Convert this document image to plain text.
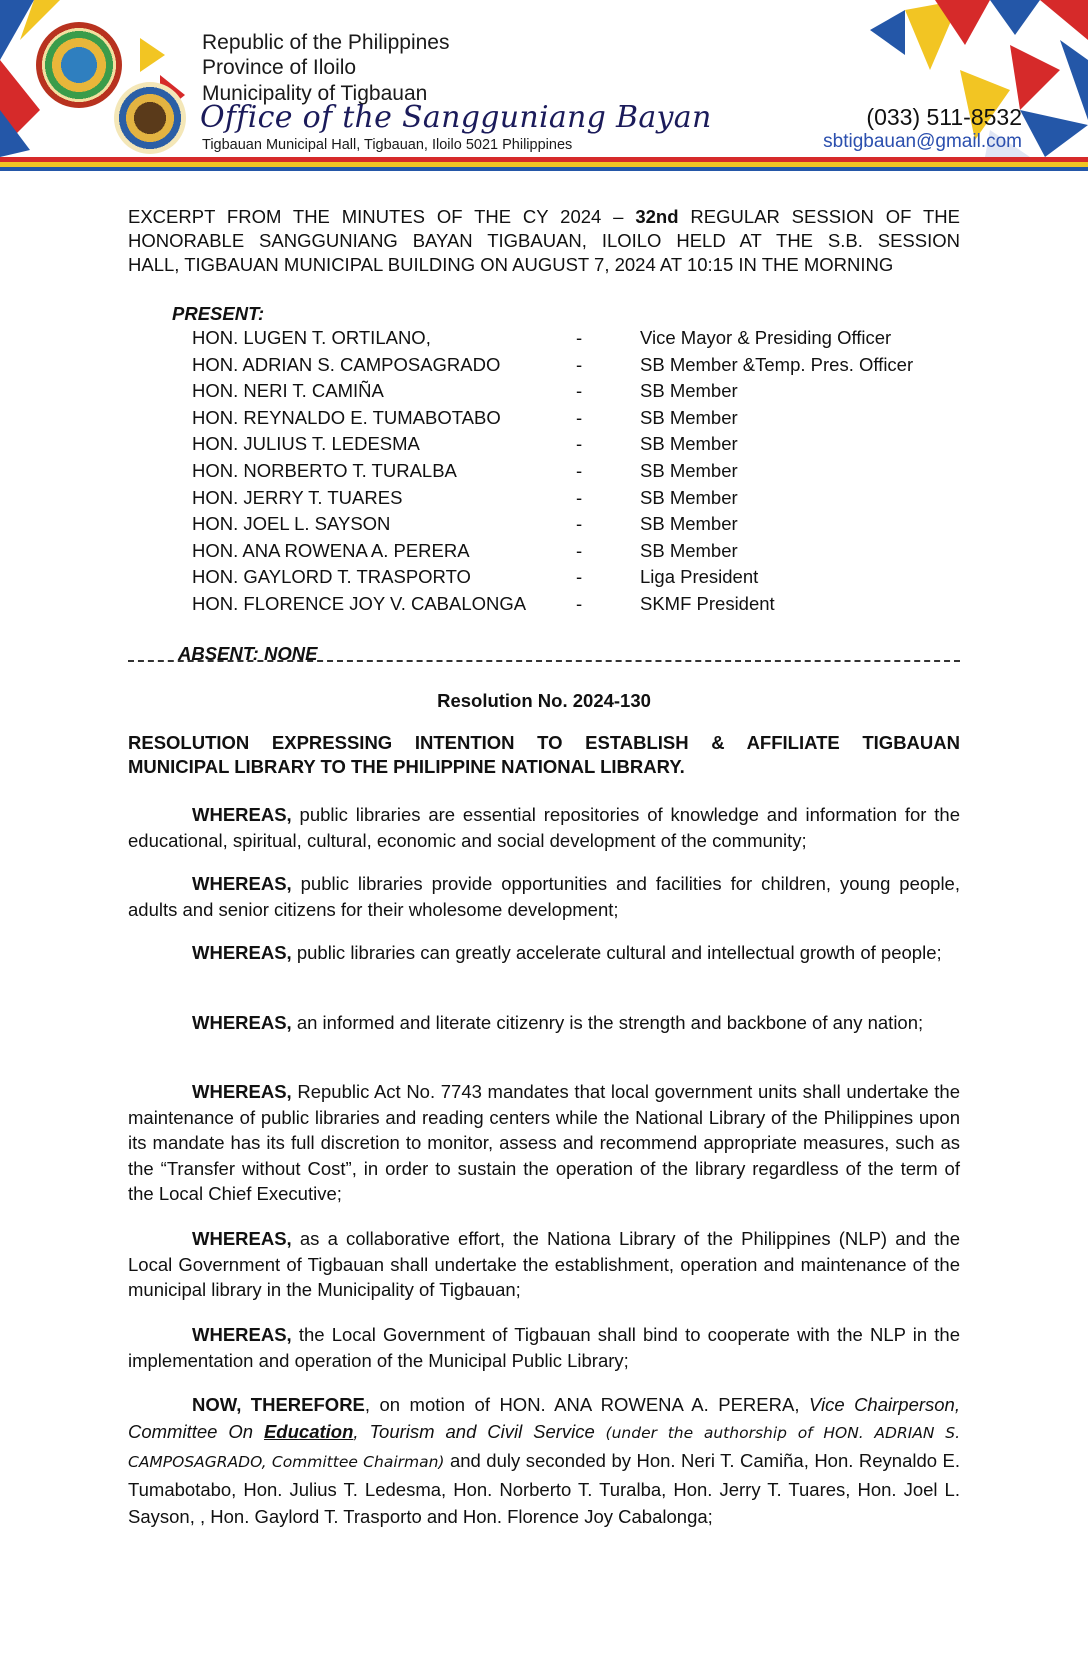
Republic of the Philippines
Province of Iloilo
Municipality of Tigbauan
Office of the Sangguniang Bayan
Tigbauan Municipal Hall, Tigbauan, Iloilo 5021 Philippines
(033) 511-8532
sbtigbauan@gmail.com
EXCERPT FROM THE MINUTES OF THE CY 2024 – 32nd REGULAR SESSION OF THE
HONORABLE SANGGUNIANG BAYAN TIGBAUAN, ILOILO HELD AT THE S.B. SESSION
HALL, TIGBAUAN MUNICIPAL BUILDING ON AUGUST 7, 2024 AT 10:15 IN THE MORNING
PRESENT:
HON. LUGEN T. ORTILANO,	-	Vice Mayor & Presiding Officer
HON. ADRIAN S. CAMPOSAGRADO	-	SB Member &Temp. Pres. Officer
HON. NERI T. CAMIÑA	-	SB Member
HON. REYNALDO E. TUMABOTABO	-	SB Member
HON. JULIUS T. LEDESMA	-	SB Member
HON. NORBERTO T. TURALBA	-	SB Member
HON. JERRY T. TUARES	-	SB Member
HON. JOEL L. SAYSON	-	SB Member
HON. ANA ROWENA A. PERERA	-	SB Member
HON. GAYLORD T. TRASPORTO	-	Liga President
HON. FLORENCE JOY V. CABALONGA	-	SKMF President
ABSENT: NONE
Resolution No. 2024-130
RESOLUTION EXPRESSING INTENTION TO ESTABLISH & AFFILIATE TIGBAUAN
MUNICIPAL LIBRARY TO THE PHILIPPINE NATIONAL LIBRARY.
WHEREAS, public libraries are essential repositories of knowledge and information for the educational, spiritual, cultural, economic and social development of the community;
WHEREAS, public libraries provide opportunities and facilities for children, young people, adults and senior citizens for their wholesome development;
WHEREAS, public libraries can greatly accelerate cultural and intellectual growth of people;
WHEREAS, an informed and literate citizenry is the strength and backbone of any nation;
WHEREAS, Republic Act No. 7743 mandates that local government units shall undertake the maintenance of public libraries and reading centers while the National Library of the Philippines upon its mandate has its full discretion to monitor, assess and recommend appropriate measures, such as the “Transfer without Cost”, in order to sustain the operation of the library regardless of the term of the Local Chief Executive;
WHEREAS, as a collaborative effort, the Nationa Library of the Philippines (NLP) and the Local Government of Tigbauan shall undertake the establishment, operation and maintenance of the municipal library in the Municipality of Tigbauan;
WHEREAS, the Local Government of Tigbauan shall bind to cooperate with the NLP in the implementation and operation of the Municipal Public Library;
NOW, THEREFORE, on motion of HON. ANA ROWENA A. PERERA, Vice Chairperson, Committee On Education, Tourism and Civil Service (under the authorship of HON. ADRIAN S. CAMPOSAGRADO, Committee Chairman) and duly seconded by Hon. Neri T. Camiña, Hon. Reynaldo E. Tumabotabo, Hon. Julius T. Ledesma, Hon. Norberto T. Turalba, Hon. Jerry T. Tuares, Hon. Joel L. Sayson, , Hon. Gaylord T. Trasporto and Hon. Florence Joy Cabalonga;
